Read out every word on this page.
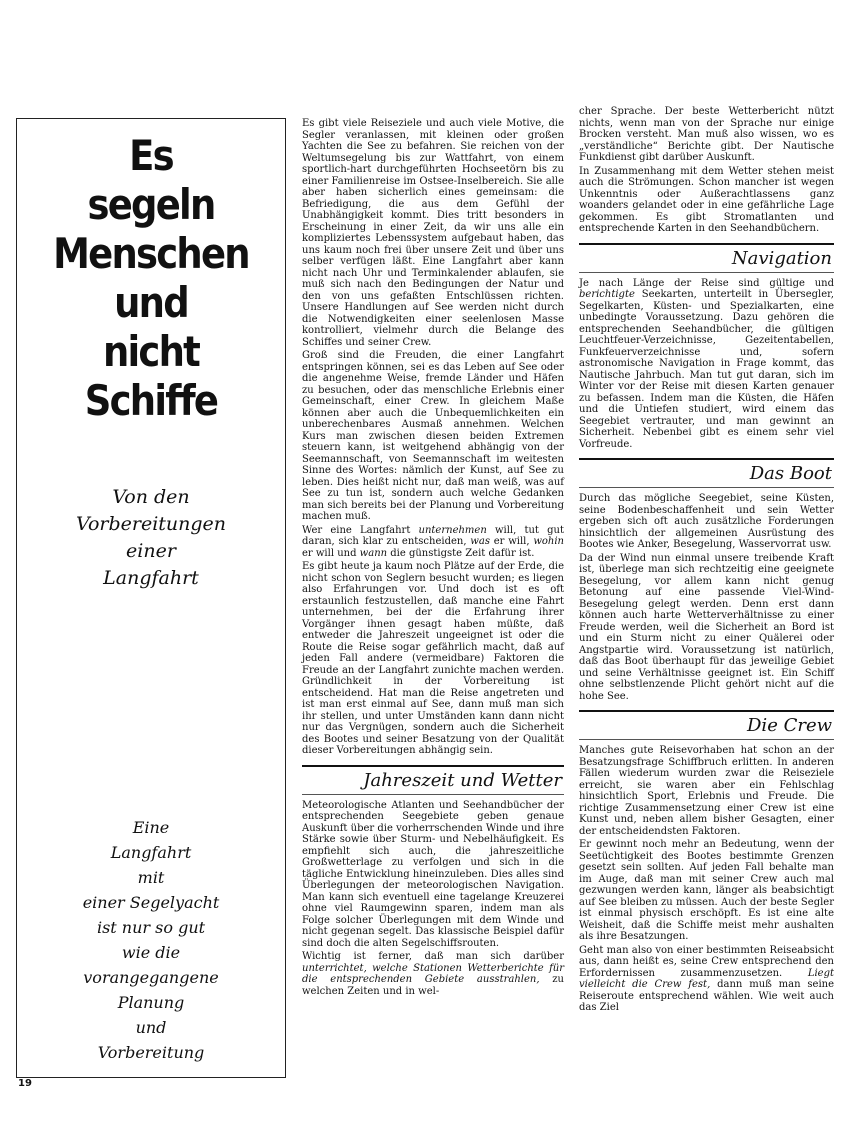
Es
segeln
Menschen
und
nicht
Schiffe
Von den
Vorbereitungen
einer
Langfahrt
Eine
Langfahrt
mit
einer Segelyacht
ist nur so gut
wie die
vorangegangene
Planung
und
Vorbereitung
19

Es gibt viele Reiseziele und auch viele Motive, die Segler veranlassen, mit kleinen oder großen Yachten die See zu befahren. Sie reichen von der Weltumsegelung bis zur Wattfahrt, von einem sportlich-hart durchgeführten Hochseetörn bis zu einer Familienreise im Ostsee-Inselbereich. Sie alle aber haben sicherlich eines gemeinsam: die Befriedigung, die aus dem Gefühl der Unabhängigkeit kommt. Dies tritt besonders in Erscheinung in einer Zeit, da wir uns alle ein kompliziertes Lebenssystem aufgebaut haben, das uns kaum noch frei über unsere Zeit und über uns selber verfügen läßt. Eine Langfahrt aber kann nicht nach Uhr und Terminkalender ablaufen, sie muß sich nach den Bedingungen der Natur und den von uns gefaßten Entschlüssen richten. Unsere Handlungen auf See werden nicht durch die Notwendigkeiten einer seelenlosen Masse kontrolliert, vielmehr durch die Belange des Schiffes und seiner Crew.

Groß sind die Freuden, die einer Langfahrt entspringen können, sei es das Leben auf See oder die angenehme Weise, fremde Länder und Häfen zu besuchen, oder das menschliche Erlebnis einer Gemeinschaft, einer Crew. In gleichem Maße können aber auch die Unbequemlichkeiten ein unberechenbares Ausmaß annehmen. Welchen Kurs man zwischen diesen beiden Extremen steuern kann, ist weitgehend abhängig von der Seemannschaft, von Seemannschaft im weitesten Sinne des Wortes: nämlich der Kunst, auf See zu leben. Dies heißt nicht nur, daß man weiß, was auf See zu tun ist, sondern auch welche Gedanken man sich bereits bei der Planung und Vorbereitung machen muß.

Wer eine Langfahrt unternehmen will, tut gut daran, sich klar zu entscheiden, was er will, wohin er will und wann die günstigste Zeit dafür ist.

Es gibt heute ja kaum noch Plätze auf der Erde, die nicht schon von Seglern besucht wurden; es liegen also Erfahrungen vor. Und doch ist es oft erstaunlich festzustellen, daß manche eine Fahrt unternehmen, bei der die Erfahrung ihrer Vorgänger ihnen gesagt haben müßte, daß entweder die Jahreszeit ungeeignet ist oder die Route die Reise sogar gefährlich macht, daß auf jeden Fall andere (vermeidbare) Faktoren die Freude an der Langfahrt zunichte machen werden. Gründlichkeit in der Vorbereitung ist entscheidend. Hat man die Reise angetreten und ist man erst einmal auf See, dann muß man sich ihr stellen, und unter Umständen kann dann nicht nur das Vergnügen, sondern auch die Sicherheit des Bootes und seiner Besatzung von der Qualität dieser Vorbereitungen abhängig sein.

Jahreszeit und Wetter

Meteorologische Atlanten und Seehandbücher der entsprechenden Seegebiete geben genaue Auskunft über die vorherrschenden Winde und ihre Stärke sowie über Sturm- und Nebelhäufigkeit. Es empfiehlt sich auch, die jahreszeitliche Großwetterlage zu verfolgen und sich in die tägliche Entwicklung hineinzuleben. Dies alles sind Überlegungen der meteorologischen Navigation. Man kann sich eventuell eine tagelange Kreuzerei ohne viel Raumgewinn sparen, indem man als Folge solcher Überlegungen mit dem Winde und nicht gegenan segelt. Das klassische Beispiel dafür sind doch die alten Segelschiffsrouten.

Wichtig ist ferner, daß man sich darüber unterrichtet, welche Stationen Wetterberichte für die entsprechenden Gebiete ausstrahlen, zu welchen Zeiten und in wel-

cher Sprache. Der beste Wetterbericht nützt nichts, wenn man von der Sprache nur einige Brocken versteht. Man muß also wissen, wo es „verständliche“ Berichte gibt. Der Nautische Funkdienst gibt darüber Auskunft.

In Zusammenhang mit dem Wetter stehen meist auch die Strömungen. Schon mancher ist wegen Unkenntnis oder Außerachtlassens ganz woanders gelandet oder in eine gefährliche Lage gekommen. Es gibt Stromatlanten und entsprechende Karten in den Seehandbüchern.

Navigation

Je nach Länge der Reise sind gültige und berichtigte Seekarten, unterteilt in Übersegler, Segelkarten, Küsten- und Spezialkarten, eine unbedingte Voraussetzung. Dazu gehören die entsprechenden Seehandbücher, die gültigen Leuchtfeuer-Verzeichnisse, Gezeitentabellen, Funkfeuerverzeichnisse und, sofern astronomische Navigation in Frage kommt, das Nautische Jahrbuch. Man tut gut daran, sich im Winter vor der Reise mit diesen Karten genauer zu befassen. Indem man die Küsten, die Häfen und die Untiefen studiert, wird einem das Seegebiet vertrauter, und man gewinnt an Sicherheit. Nebenbei gibt es einem sehr viel Vorfreude.

Das Boot

Durch das mögliche Seegebiet, seine Küsten, seine Bodenbeschaffenheit und sein Wetter ergeben sich oft auch zusätzliche Forderungen hinsichtlich der allgemeinen Ausrüstung des Bootes wie Anker, Besegelung, Wasservorrat usw.

Da der Wind nun einmal unsere treibende Kraft ist, überlege man sich rechtzeitig eine geeignete Besegelung, vor allem kann nicht genug Betonung auf eine passende Viel-Wind-Besegelung gelegt werden. Denn erst dann können auch harte Wetterverhältnisse zu einer Freude werden, weil die Sicherheit an Bord ist und ein Sturm nicht zu einer Quälerei oder Angstpartie wird. Voraussetzung ist natürlich, daß das Boot überhaupt für das jeweilige Gebiet und seine Verhältnisse geeignet ist. Ein Schiff ohne selbstlenzende Plicht gehört nicht auf die hohe See.

Die Crew

Manches gute Reisevorhaben hat schon an der Besatzungsfrage Schiffbruch erlitten. In anderen Fällen wiederum wurden zwar die Reiseziele erreicht, sie waren aber ein Fehlschlag hinsichtlich Sport, Erlebnis und Freude. Die richtige Zusammensetzung einer Crew ist eine Kunst und, neben allem bisher Gesagten, einer der entscheidendsten Faktoren.

Er gewinnt noch mehr an Bedeutung, wenn der Seetüchtigkeit des Bootes bestimmte Grenzen gesetzt sein sollten. Auf jeden Fall behalte man im Auge, daß man mit seiner Crew auch mal gezwungen werden kann, länger als beabsichtigt auf See bleiben zu müssen. Auch der beste Segler ist einmal physisch erschöpft. Es ist eine alte Weisheit, daß die Schiffe meist mehr aushalten als ihre Besatzungen.

Geht man also von einer bestimmten Reiseabsicht aus, dann heißt es, seine Crew entsprechend den Erfordernissen zusammenzusetzen. Liegt vielleicht die Crew fest, dann muß man seine Reiseroute entsprechend wählen. Wie weit auch das Ziel
